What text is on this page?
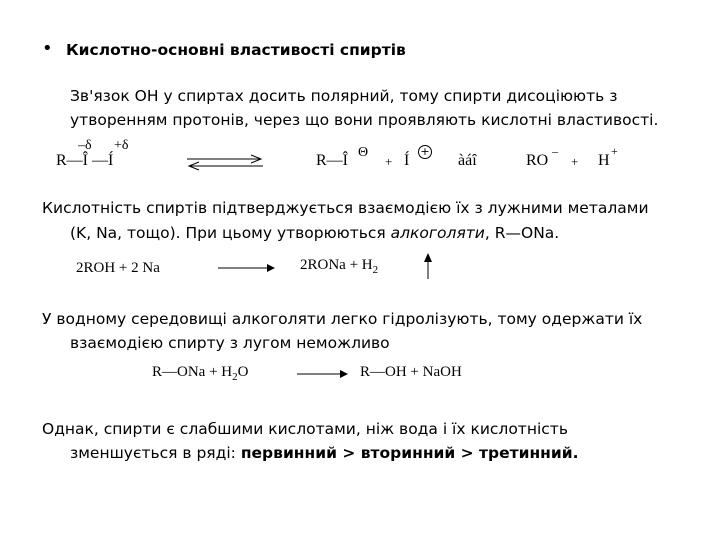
• Кислотно-основні властивості спиртів
Зв'язок ОН у спиртах досить полярний, тому спирти дисоціюють з
утворенням протонів, через що вони проявляють кислотні властивості.
–δ +δ
R—Î —Í	R—Î Θ
+ Í
+
àáî	RO
–
+ H
+
Кислотність спиртів підтверджується взаємодією їх з лужними металами
(K, Na, тощо). При цьому утворюються алкоголяти, R—ONa.
2ROH + 2 Na	→ 2RONa + $H_2$
У водному середовищі алкоголяти легко гідролізують, тому одержати їх
взаємодією спирту з лугом неможливо
R—ONa + $H_2O$	R—OH + NaOH
Однак, спирти є слабшими кислотами, ніж вода і їх кислотність
зменшується в ряді: первинний > вторинний > третинний.
